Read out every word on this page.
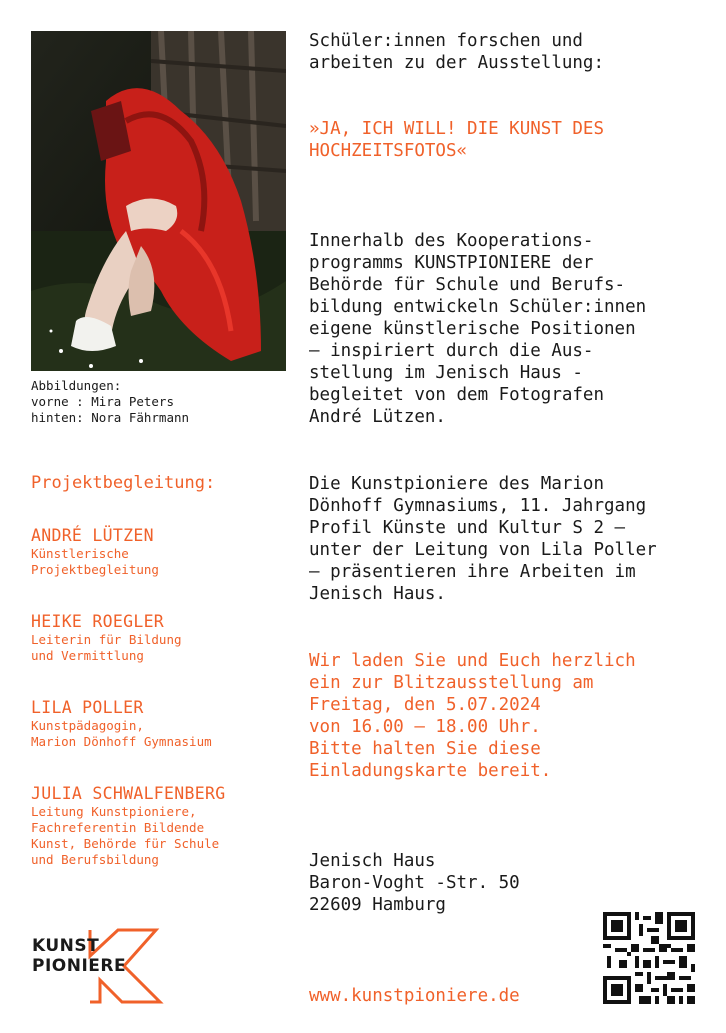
Abbildungen:
vorne : Mira Peters
hinten: Nora Fährmann
Projektbegleitung:
ANDRÉ LÜTZEN
Künstlerische
Projektbegleitung
HEIKE ROEGLER
Leiterin für Bildung
und Vermittlung
LILA POLLER
Kunstpädagogin,
Marion Dönhoff Gymnasium
JULIA SCHWALFENBERG
Leitung Kunstpioniere,
Fachreferentin Bildende
Kunst, Behörde für Schule
und Berufsbildung
Schüler:innen forschen und
arbeiten zu der Ausstellung:
»JA, ICH WILL! DIE KUNST DES
HOCHZEITSFOTOS«
Innerhalb des Kooperations-
programms KUNSTPIONIERE der
Behörde für Schule und Berufs-
bildung entwickeln Schüler:innen
eigene künstlerische Positionen
– inspiriert durch die Aus-
stellung im Jenisch Haus -
begleitet von dem Fotografen
André Lützen.
Die Kunstpioniere des Marion
Dönhoff Gymnasiums, 11. Jahrgang
Profil Künste und Kultur S 2 –
unter der Leitung von Lila Poller
– präsentieren ihre Arbeiten im
Jenisch Haus.
Wir laden Sie und Euch herzlich
ein zur Blitzausstellung am
Freitag, den 5.07.2024
von 16.00 – 18.00 Uhr.
Bitte halten Sie diese
Einladungskarte bereit.
Jenisch Haus
Baron-Voght -Str. 50
22609 Hamburg
KUNST
PIONIERE
www.kunstpioniere.de
